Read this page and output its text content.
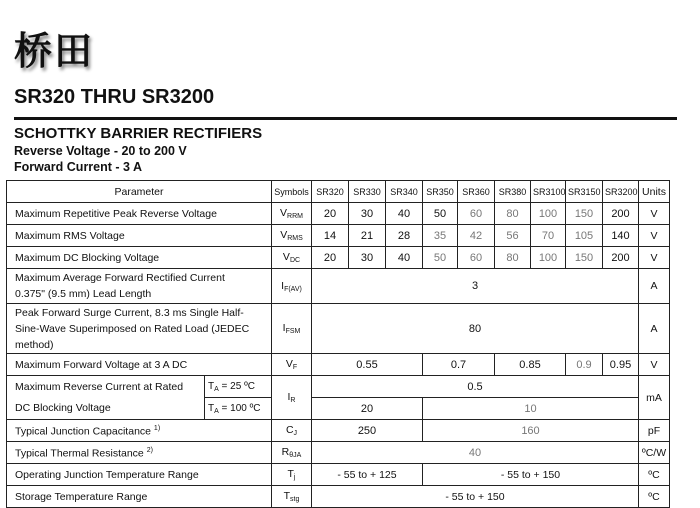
桥田
SR320 THRU SR3200
SCHOTTKY BARRIER RECTIFIERS
Reverse Voltage - 20 to 200 V
Forward Current - 3 A
Parameter	Symbols	SR320	SR330	SR340	SR350	SR360	SR380	SR3100	SR3150	SR3200	Units
Maximum Repetitive Peak Reverse Voltage	$V_{RRM}$	20	30	40	50	60	80	100	150	200	V
Maximum RMS Voltage	$V_{RMS}$	14	21	28	35	42	56	70	105	140	V
Maximum DC Blocking Voltage	$V_{DC}$	20	30	40	50	60	80	100	150	200	V
Maximum Average Forward Rectified Current
0.375" (9.5 mm) Lead Length	$I_{F(AV)}$	3	A
Peak Forward Surge Current, 8.3 ms Single Half-
Sine-Wave Superimposed on Rated Load (JEDEC
method)	$I_{FSM}$	80	A
Maximum Forward Voltage at 3 A DC	$V_F$	0.55	0.7	0.85	0.9	0.95	V
Maximum Reverse Current at Rated	$T_A = 25$ ºC	$I_R$	0.5	mA
DC Blocking Voltage	$T_A = 100$ ºC	20	10
Typical Junction Capacitance $^{1)}$	$C_J$	250	160	pF
Typical Thermal Resistance $^{2)}$	$R_{\theta JA}$	40	ºC/W
Operating Junction Temperature Range	$T_j$	- 55 to + 125	- 55 to + 150	ºC
Storage Temperature Range	$T_{stg}$	- 55 to + 150	ºC
